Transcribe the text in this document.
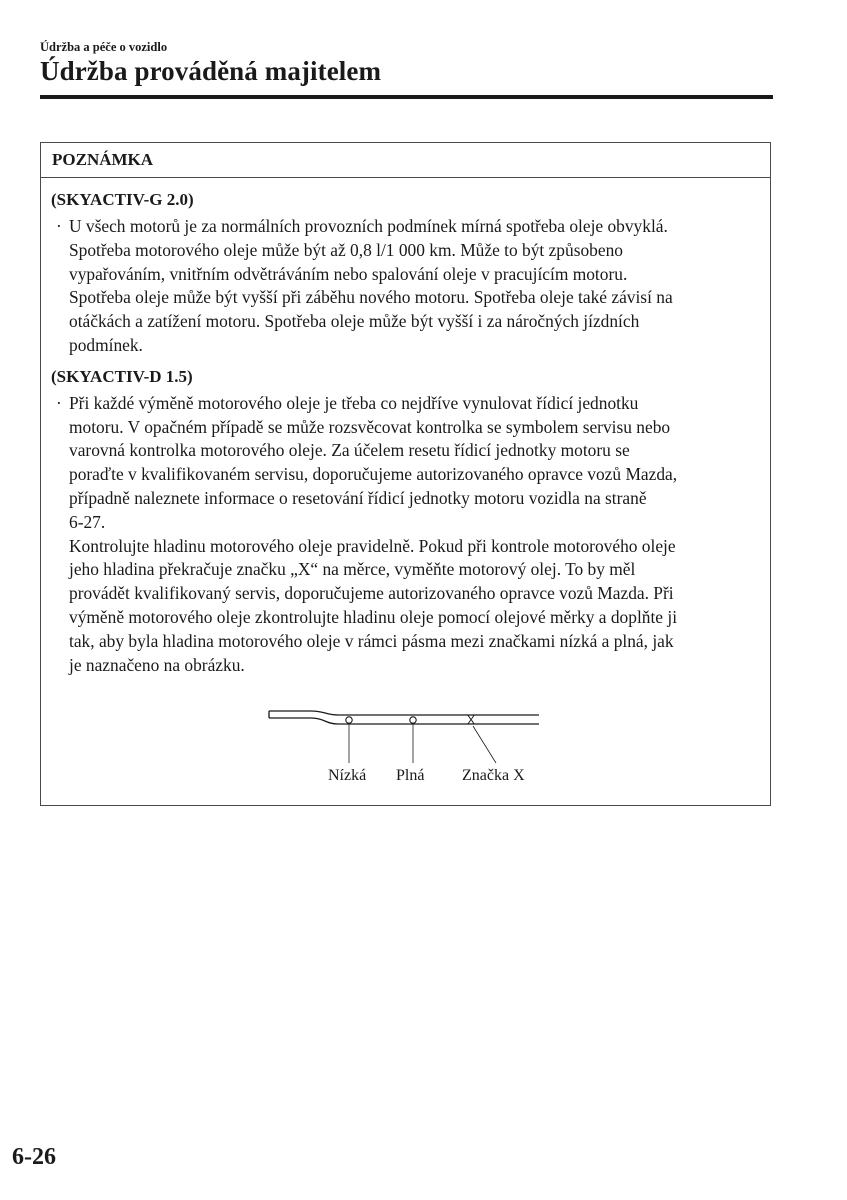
Údržba a péče o vozidlo
Údržba prováděná majitelem
POZNÁMKA
(SKYACTIV-G 2.0)
· U všech motorů je za normálních provozních podmínek mírná spotřeba oleje obvyklá.
Spotřeba motorového oleje může být až 0,8 l/1 000 km. Může to být způsobeno
vypařováním, vnitřním odvětráváním nebo spalování oleje v pracujícím motoru.
Spotřeba oleje může být vyšší při záběhu nového motoru. Spotřeba oleje také závisí na
otáčkách a zatížení motoru. Spotřeba oleje může být vyšší i za náročných jízdních
podmínek.

(SKYACTIV-D 1.5)
· Při každé výměně motorového oleje je třeba co nejdříve vynulovat řídicí jednotku
motoru. V opačném případě se může rozsvěcovat kontrolka se symbolem servisu nebo
varovná kontrolka motorového oleje. Za účelem resetu řídicí jednotky motoru se
poraďte v kvalifikovaném servisu, doporučujeme autorizovaného opravce vozů Mazda,
případně naleznete informace o resetování řídicí jednotky motoru vozidla na straně
6-27.

Kontrolujte hladinu motorového oleje pravidelně. Pokud při kontrole motorového oleje
jeho hladina překračuje značku „X“ na měrce, vyměňte motorový olej. To by měl
provádět kvalifikovaný servis, doporučujeme autorizovaného opravce vozů Mazda. Při
výměně motorového oleje zkontrolujte hladinu oleje pomocí olejové měrky a doplňte ji
tak, aby byla hladina motorového oleje v rámci pásma mezi značkami nízká a plná, jak
je naznačeno na obrázku.

X
Nízká Plná Značka X
6-26
